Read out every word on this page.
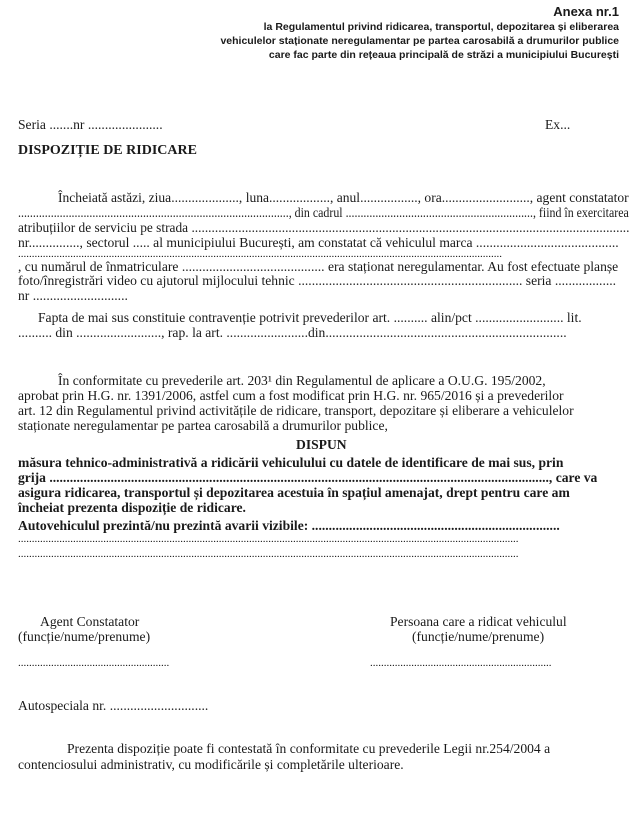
Anexa nr.1
la Regulamentul privind ridicarea, transportul, depozitarea și eliberarea
vehiculelor staționate neregulamentar pe partea carosabilă a drumurilor publice
care fac parte din rețeaua principală de străzi a municipiului București
Seria .......nr ......................	Ex...
DISPOZIȚIE DE RIDICARE
Încheiată astăzi, ziua...................., luna.................., anul................., ora.........................., agent constatator
..........................................................................................., din cadrul ..............................................................., fiind în exercitarea
atribuțiilor de serviciu pe strada ...................................................................................................................................
nr..............., sectorul ..... al municipiului București, am constatat că vehiculul marca ..........................................
................................................................................................................................................................................
, cu numărul de înmatriculare .......................................... era staționat neregulamentar. Au fost efectuate planșe
foto/înregistrări video cu ajutorul mijlocului tehnic .................................................................. seria ..................
nr ............................
Fapta de mai sus constituie contravenție potrivit prevederilor art. .......... alin/pct .......................... lit.
.......... din ........................., rap. la art. ........................din.......................................................................
În conformitate cu prevederile art. 203¹ din Regulamentul de aplicare a O.U.G. 195/2002,
aprobat prin H.G. nr. 1391/2006, astfel cum a fost modificat prin H.G. nr. 965/2016 și a prevederilor
art. 12 din Regulamentul privind activitățile de ridicare, transport, depozitare și eliberare a vehiculelor
staționate neregulamentar pe partea carosabilă a drumurilor publice,
DISPUN
măsura tehnico-administrativă a ridicării vehiculului cu datele de identificare de mai sus, prin
grija ..................................................................................................................................................., care va
asigura ridicarea, transportul și depozitarea acestuia în spațiul amenajat, drept pentru care am
încheiat prezenta dispoziție de ridicare.
Autovehiculul prezintă/nu prezintă avarii vizibile: .........................................................................
......................................................................................................................................................................................
......................................................................................................................................................................................
Agent Constatator
(funcție/nume/prenume)
.......................................................
Persoana care a ridicat vehiculul
(funcție/nume/prenume)
..................................................................
Autospeciala nr. .............................
Prezenta dispoziție poate fi contestată în conformitate cu prevederile Legii nr.254/2004 a
contenciosului administrativ, cu modificările și completările ulterioare.
